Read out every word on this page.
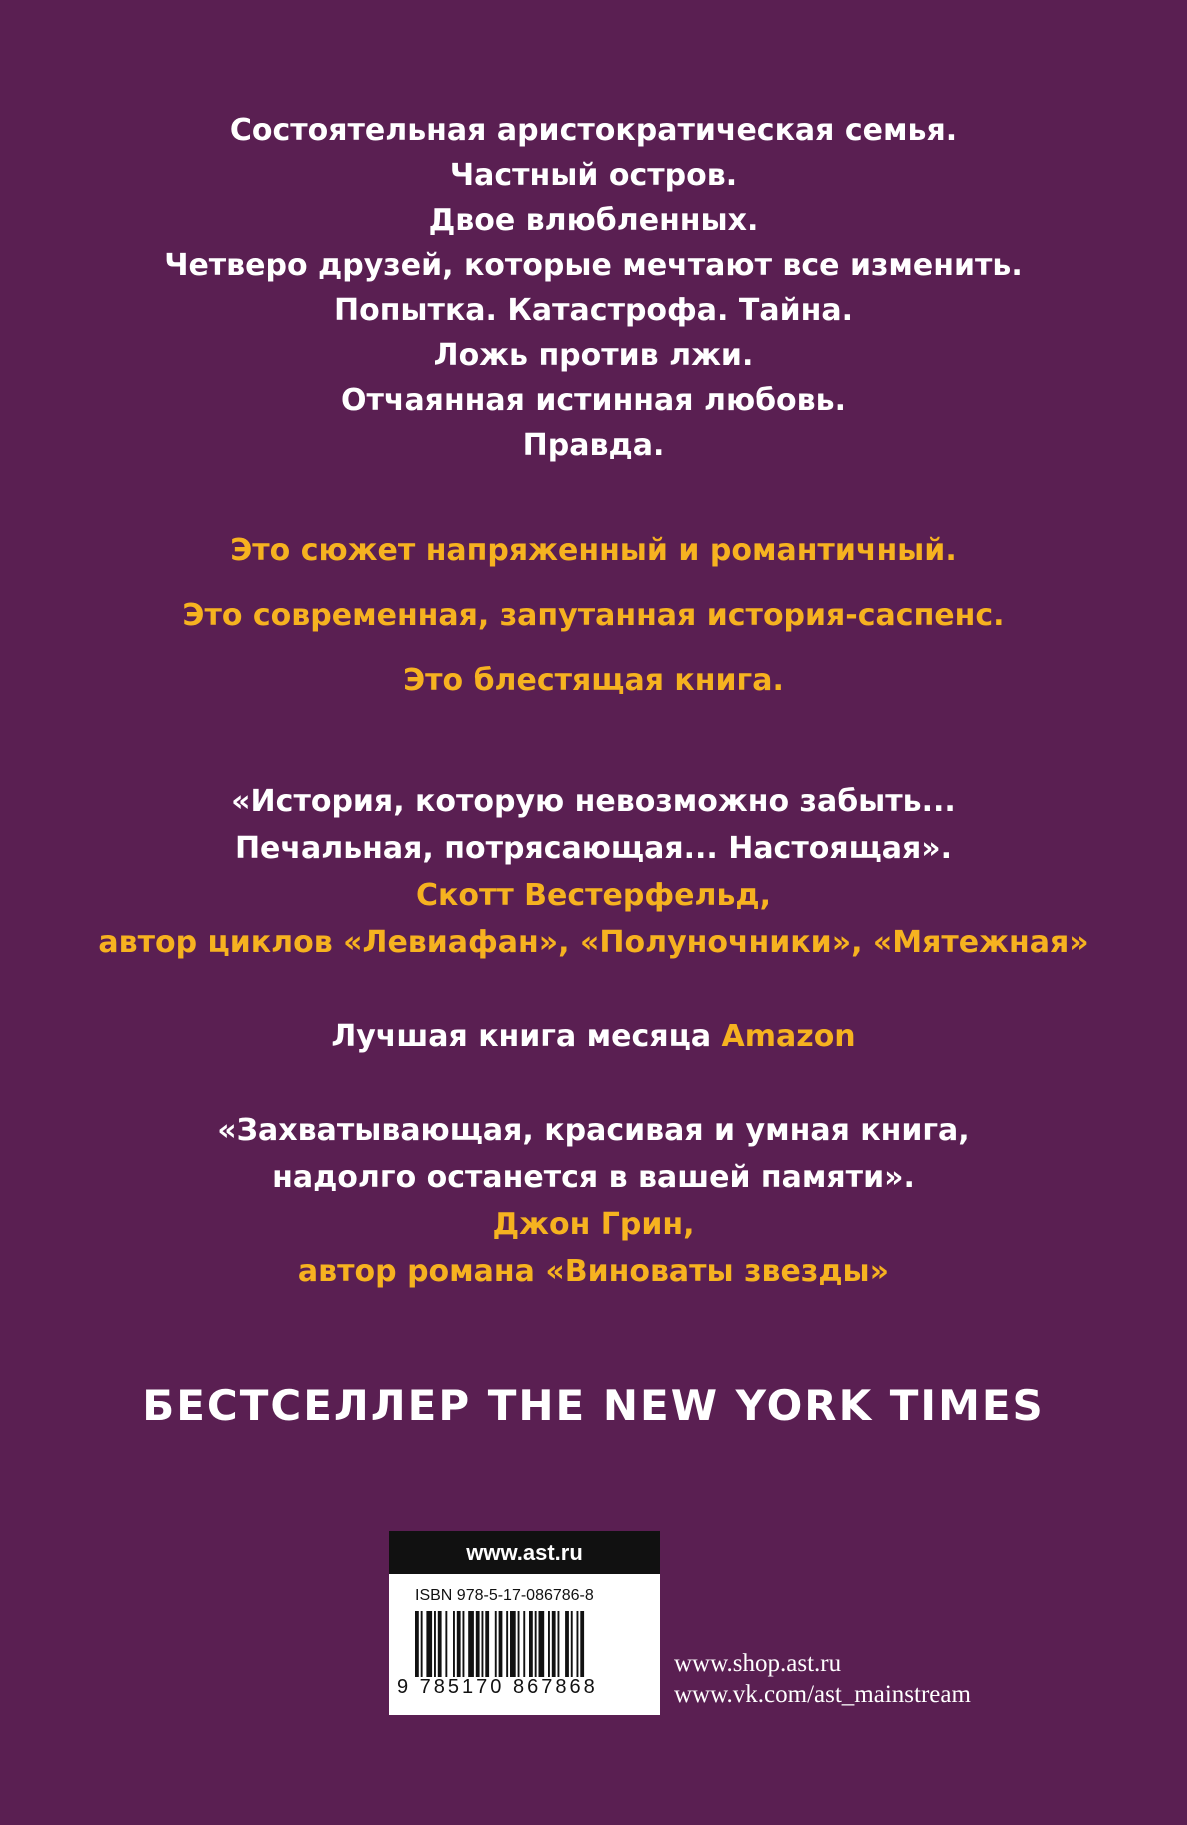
Состоятельная аристократическая семья.
Частный остров.
Двое влюбленных.
Четверо друзей, которые мечтают все изменить.
Попытка. Катастрофа. Тайна.
Ложь против лжи.
Отчаянная истинная любовь.
Правда.
Это сюжет напряженный и романтичный.
Это современная, запутанная история-саспенс.
Это блестящая книга.
«История, которую невозможно забыть...
Печальная, потрясающая... Настоящая».
Скотт Вестерфельд,
автор циклов «Левиафан», «Полуночники», «Мятежная»
Лучшая книга месяца Amazon
«Захватывающая, красивая и умная книга,
надолго останется в вашей памяти».
Джон Грин,
автор романа «Виноваты звезды»
БЕСТСЕЛЛЕР THE NEW YORK TIMES
www.ast.ru
ISBN 978-5-17-086786-8
9 785170 867868
www.shop.ast.ru
www.vk.com/ast_mainstream
